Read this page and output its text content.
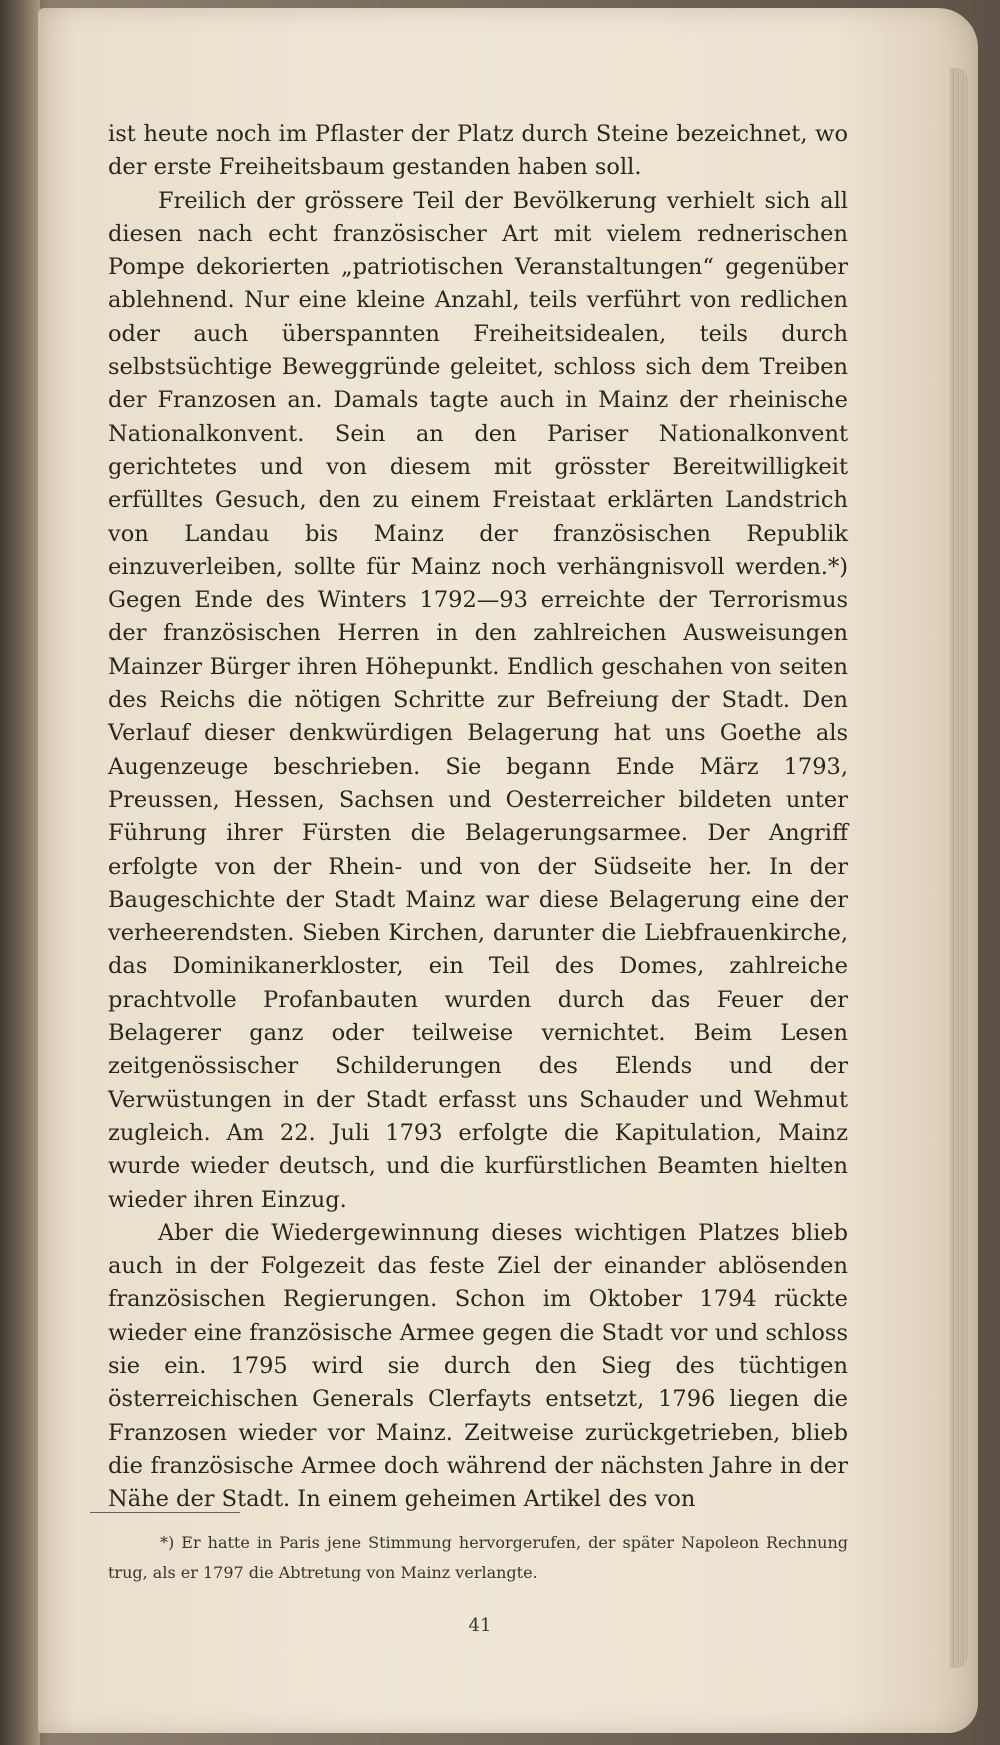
ist heute noch im Pflaster der Platz durch Steine bezeichnet, wo der erste Freiheitsbaum gestanden haben soll.

Freilich der grössere Teil der Bevölkerung verhielt sich all diesen nach echt französischer Art mit vielem rednerischen Pompe dekorierten „patriotischen Veranstaltungen“ gegenüber ablehnend. Nur eine kleine Anzahl, teils verführt von redlichen oder auch überspannten Freiheitsidealen, teils durch selbstsüchtige Beweggründe geleitet, schloss sich dem Treiben der Franzosen an. Damals tagte auch in Mainz der rheinische Nationalkonvent. Sein an den Pariser Nationalkonvent gerichtetes und von diesem mit grösster Bereitwilligkeit erfülltes Gesuch, den zu einem Freistaat erklärten Landstrich von Landau bis Mainz der französischen Republik einzuverleiben, sollte für Mainz noch verhängnisvoll werden.*) Gegen Ende des Winters 1792—93 erreichte der Terrorismus der französischen Herren in den zahlreichen Ausweisungen Mainzer Bürger ihren Höhepunkt. Endlich geschahen von seiten des Reichs die nötigen Schritte zur Befreiung der Stadt. Den Verlauf dieser denkwürdigen Belagerung hat uns Goethe als Augenzeuge beschrieben. Sie begann Ende März 1793, Preussen, Hessen, Sachsen und Oesterreicher bildeten unter Führung ihrer Fürsten die Belagerungsarmee. Der Angriff erfolgte von der Rhein- und von der Südseite her. In der Baugeschichte der Stadt Mainz war diese Belagerung eine der verheerendsten. Sieben Kirchen, darunter die Liebfrauenkirche, das Dominikanerkloster, ein Teil des Domes, zahlreiche prachtvolle Profanbauten wurden durch das Feuer der Belagerer ganz oder teilweise vernichtet. Beim Lesen zeitgenössischer Schilderungen des Elends und der Verwüstungen in der Stadt erfasst uns Schauder und Wehmut zugleich. Am 22. Juli 1793 erfolgte die Kapitulation, Mainz wurde wieder deutsch, und die kurfürstlichen Beamten hielten wieder ihren Einzug.

Aber die Wiedergewinnung dieses wichtigen Platzes blieb auch in der Folgezeit das feste Ziel der einander ablösenden französischen Regierungen. Schon im Oktober 1794 rückte wieder eine französische Armee gegen die Stadt vor und schloss sie ein. 1795 wird sie durch den Sieg des tüchtigen österreichischen Generals Clerfayts entsetzt, 1796 liegen die Franzosen wieder vor Mainz. Zeitweise zurückgetrieben, blieb die französische Armee doch während der nächsten Jahre in der Nähe der Stadt. In einem geheimen Artikel des von

*) Er hatte in Paris jene Stimmung hervorgerufen, der später Napoleon Rechnung trug, als er 1797 die Abtretung von Mainz verlangte.
41
